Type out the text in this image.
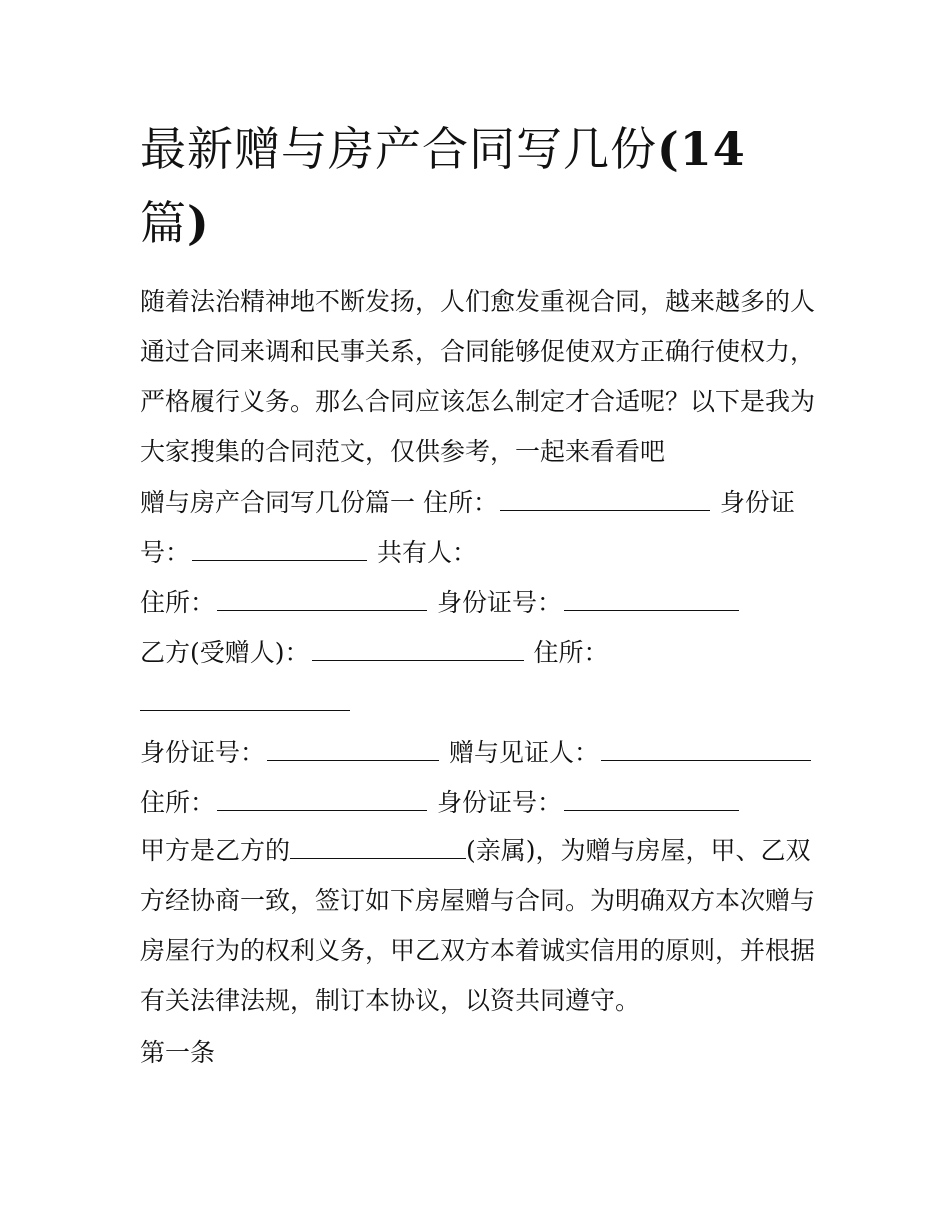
最新赠与房产合同写几份(14
篇)
随着法治精神地不断发扬，人们愈发重视合同，越来越多的人
通过合同来调和民事关系，合同能够促使双方正确行使权力，
严格履行义务。那么合同应该怎么制定才合适呢？以下是我为
大家搜集的合同范文，仅供参考，一起来看看吧
赠与房产合同写几份篇一 住所：	身份证
号：	共有人：
住所：	身份证号：
乙方(受赠人)：	住所：
身份证号：	赠与见证人：
住所：	身份证号：
甲方是乙方的	(亲属)，为赠与房屋，甲、乙双
方经协商一致，签订如下房屋赠与合同。为明确双方本次赠与
房屋行为的权利义务，甲乙双方本着诚实信用的原则，并根据
有关法律法规，制订本协议，以资共同遵守。
第一条
